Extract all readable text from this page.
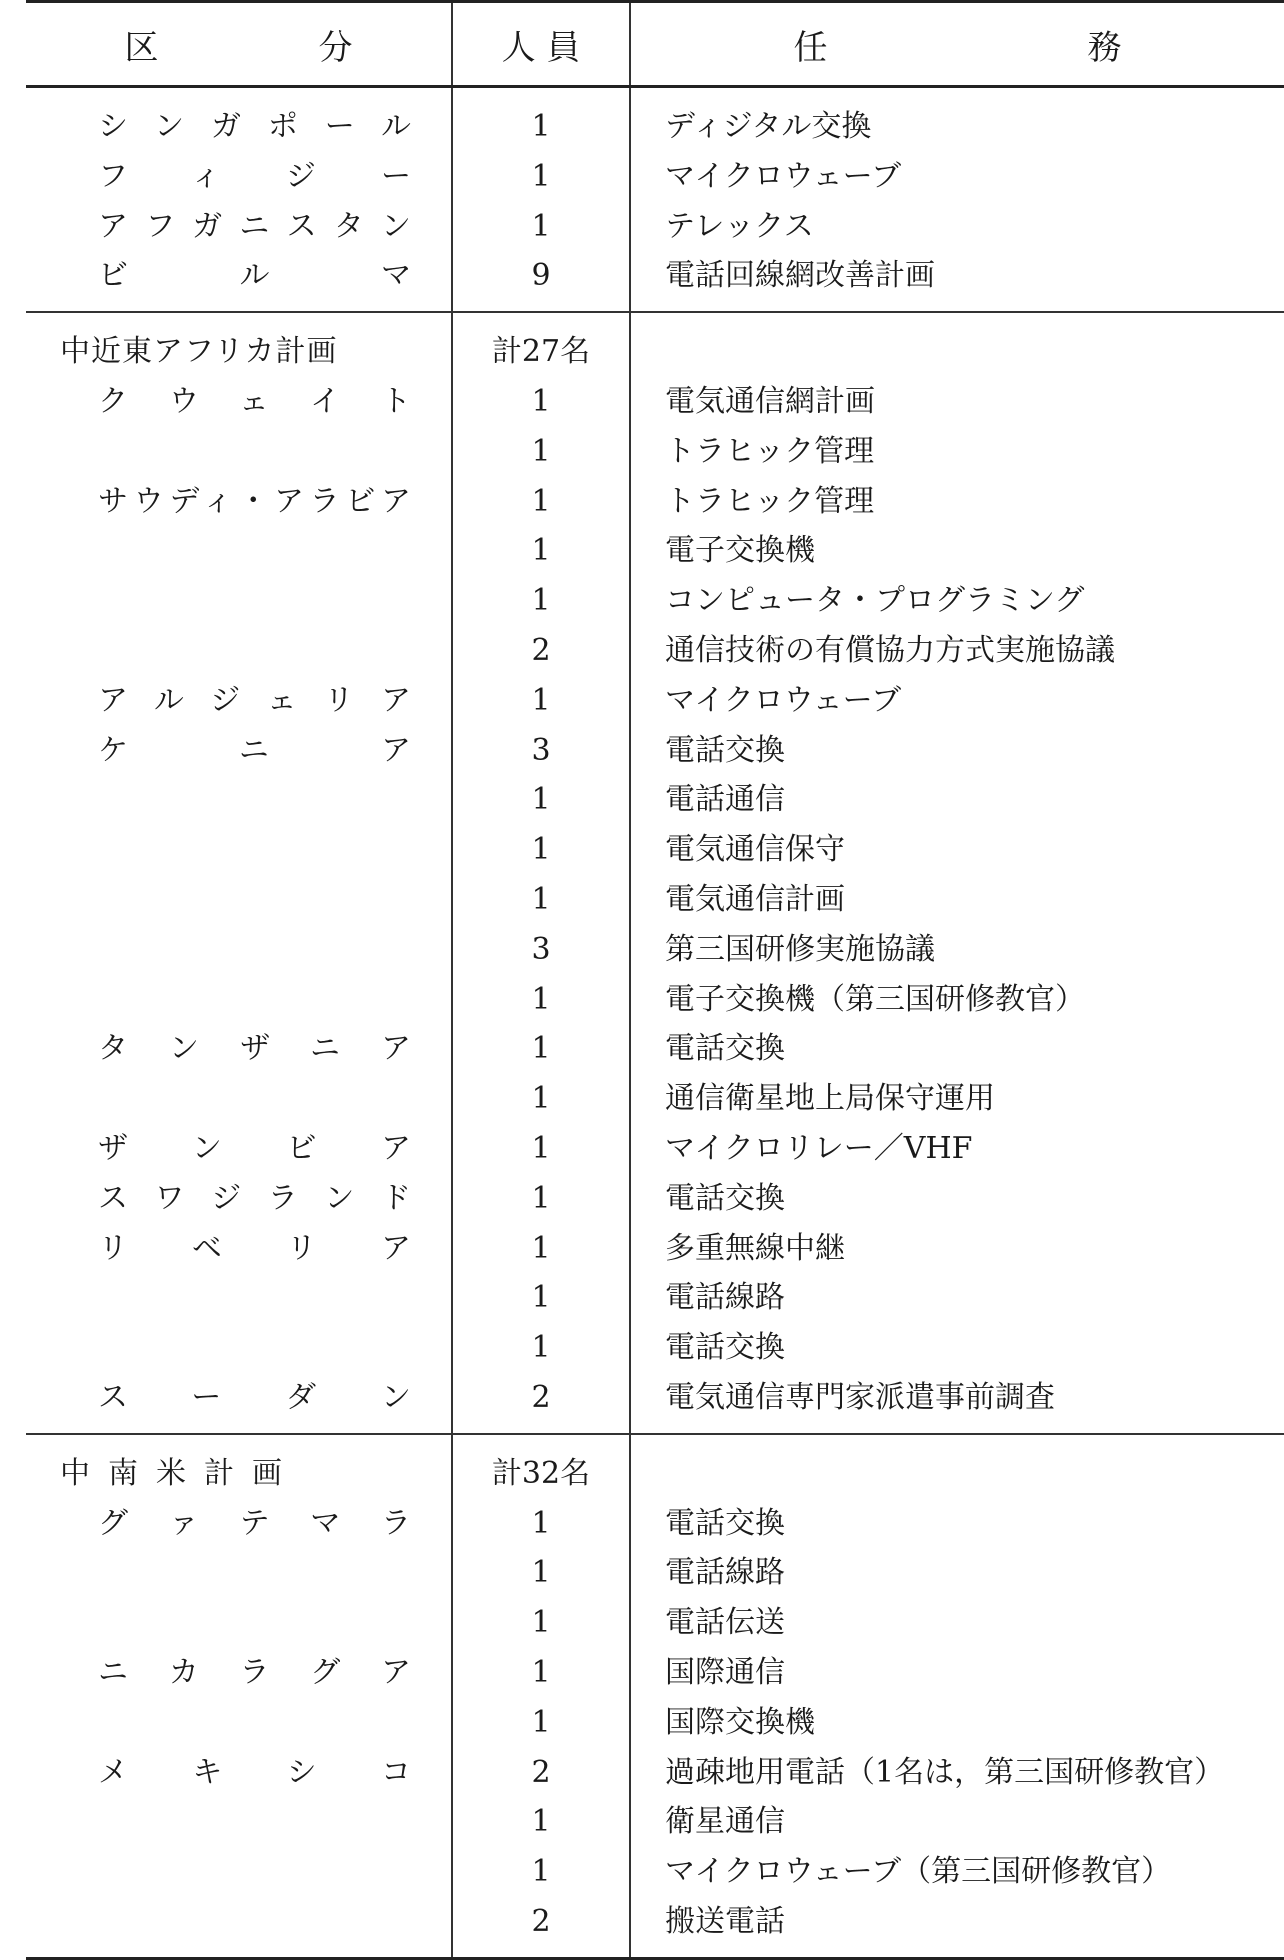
区 分	人 員	任 務
シンガポール	1	ディジタル交換
フィジー	1	マイクロウェーブ
アフガニスタン	1	テレックス
ビルマ	9	電話回線網改善計画
中近東アフリカ計画	計27名	
クウェイト	1	電気通信網計画
	1	トラヒック管理
サウディ・アラビア	1	トラヒック管理
	1	電子交換機
	1	コンピュータ・プログラミング
	2	通信技術の有償協力方式実施協議
アルジェリア	1	マイクロウェーブ
ケニア	3	電話交換
	1	電話通信
	1	電気通信保守
	1	電気通信計画
	3	第三国研修実施協議
	1	電子交換機（第三国研修教官）
タンザニア	1	電話交換
	1	通信衛星地上局保守運用
ザンビア	1	マイクロリレー／VHF
スワジランド	1	電話交換
リベリア	1	多重無線中継
	1	電話線路
	1	電話交換
スーダン	2	電気通信専門家派遣事前調査
中南米計画	計32名	
グァテマラ	1	電話交換
	1	電話線路
	1	電話伝送
ニカラグア	1	国際通信
	1	国際交換機
メキシコ	2	過疎地用電話（1名は，第三国研修教官）
	1	衛星通信
	1	マイクロウェーブ（第三国研修教官）
	2	搬送電話
